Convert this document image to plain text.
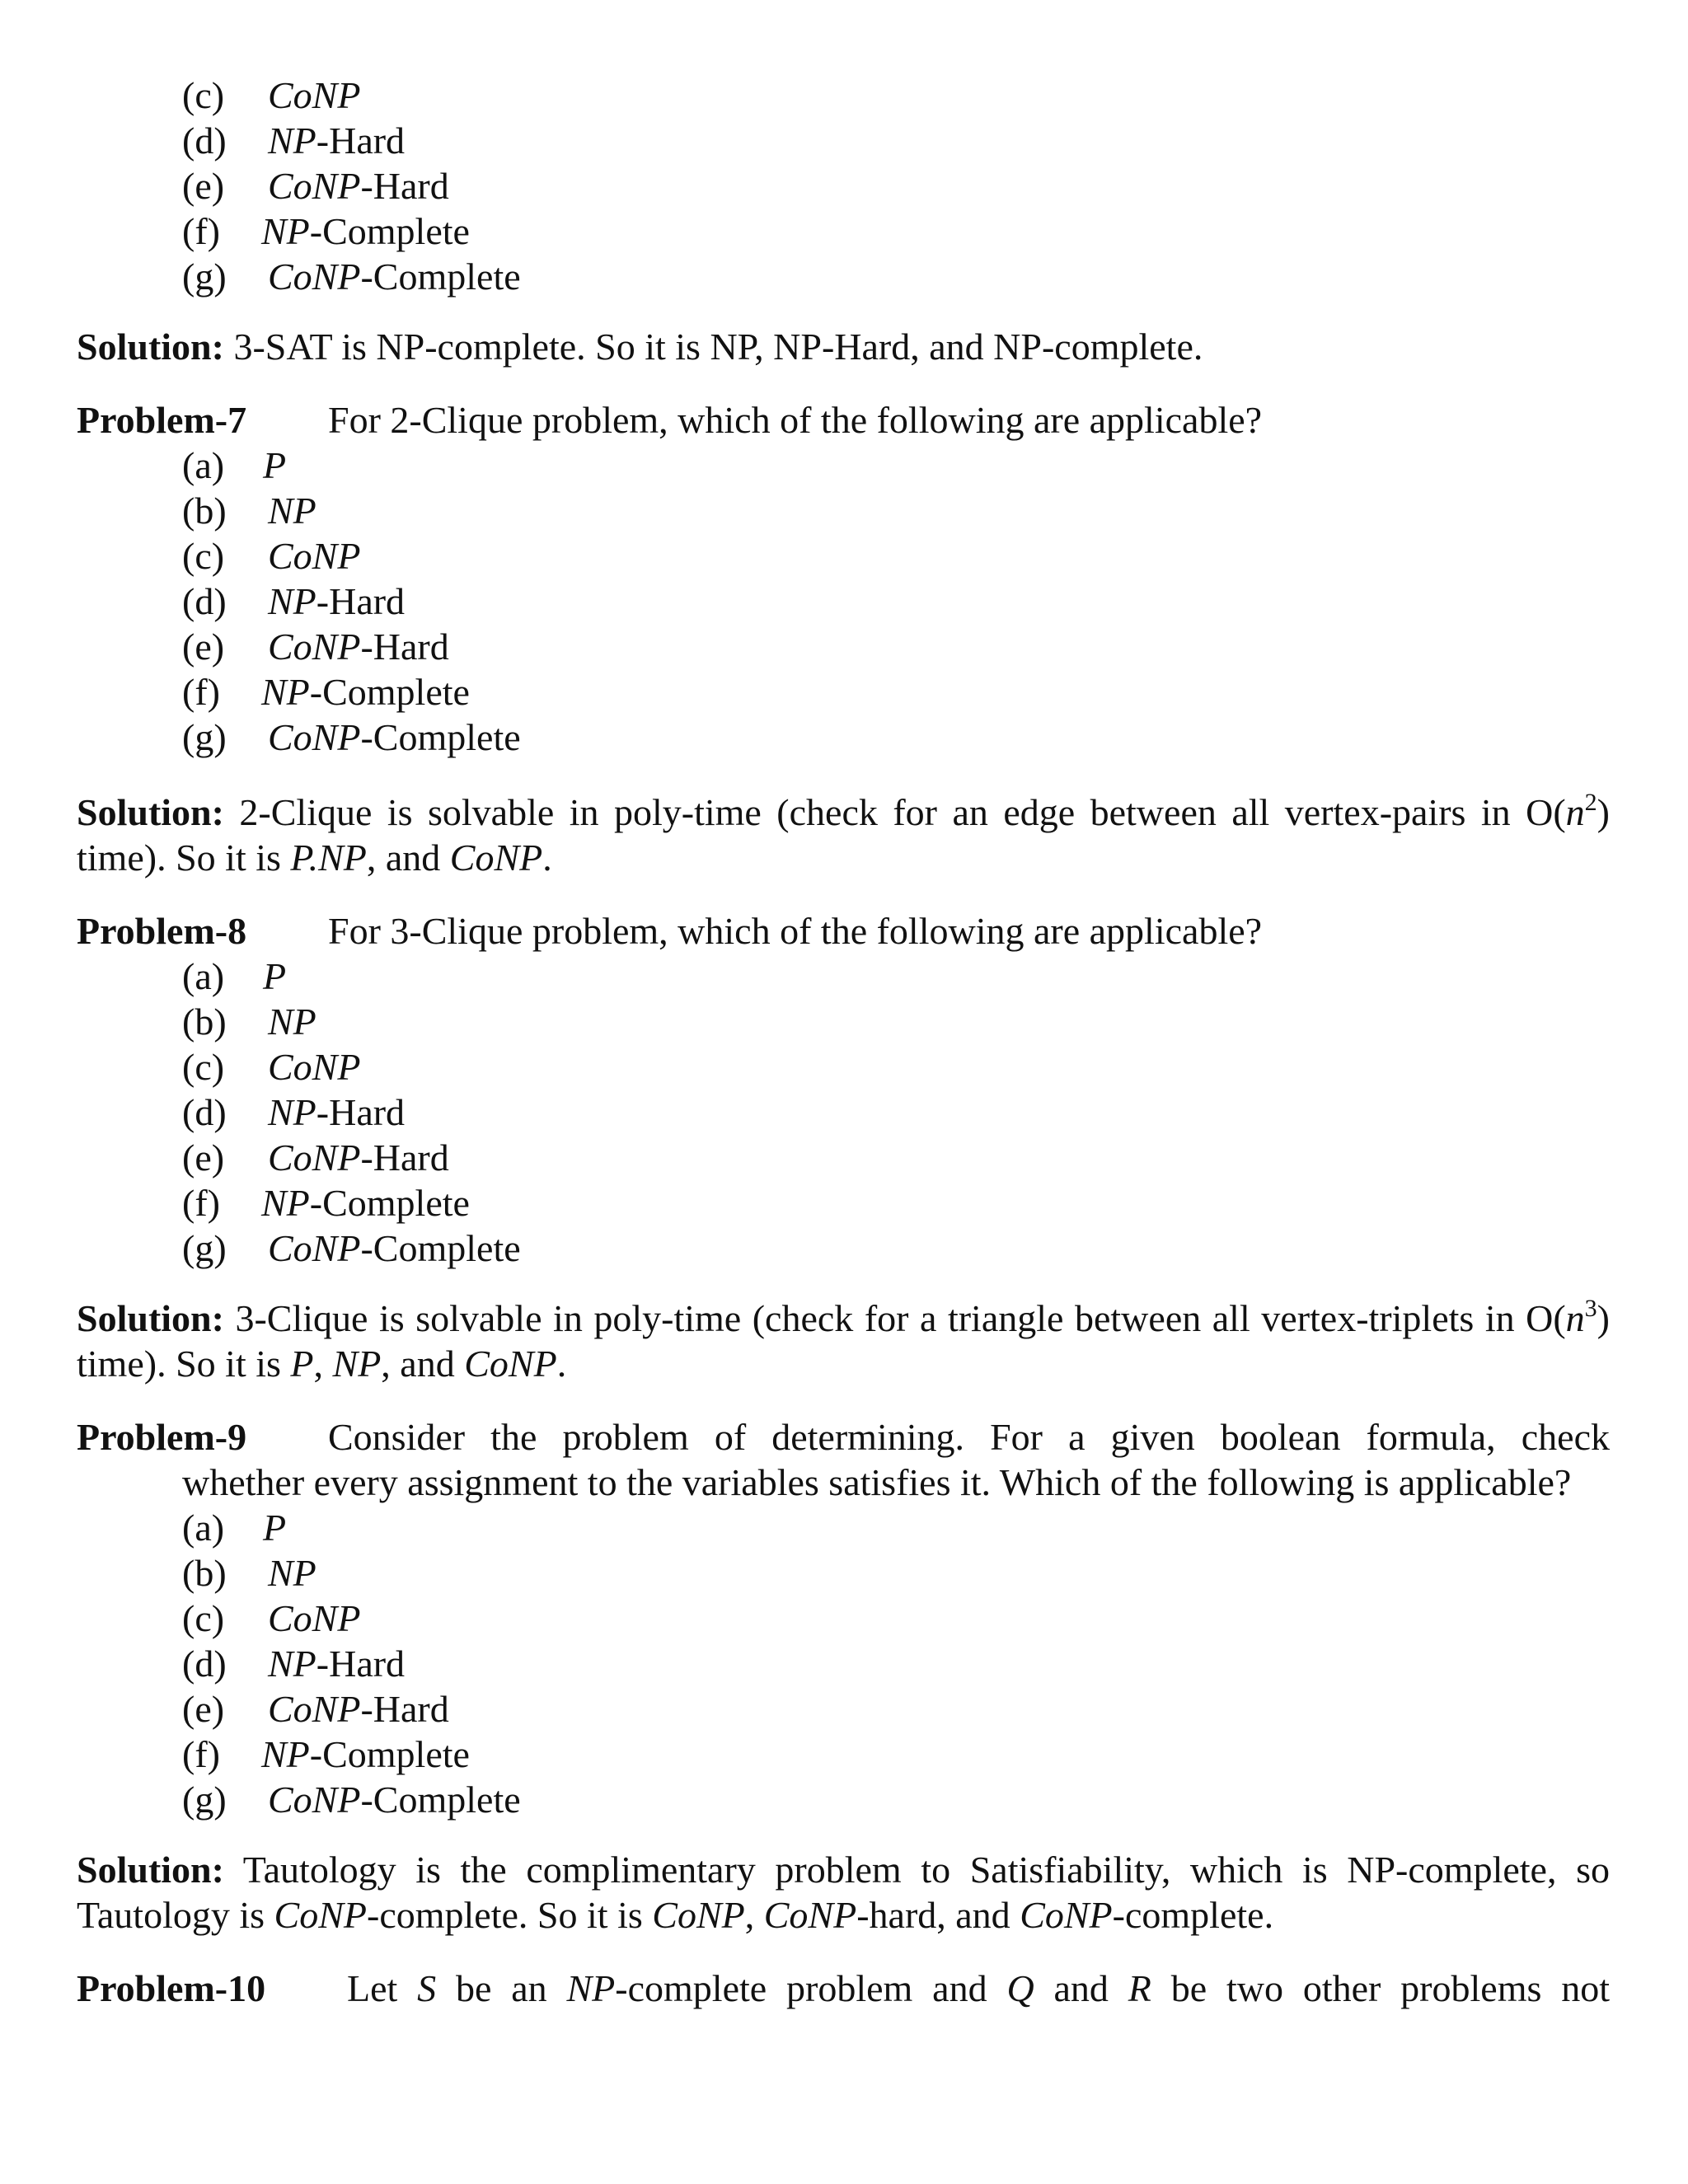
(c) CoNP
(d) NP-Hard
(e) CoNP-Hard
(f) NP-Complete
(g) CoNP-Complete

Solution: 3-SAT is NP-complete. So it is NP, NP-Hard, and NP-complete.

Problem-7 For 2-Clique problem, which of the following are applicable?
(a) P
(b) NP
(c) CoNP
(d) NP-Hard
(e) CoNP-Hard
(f) NP-Complete
(g) CoNP-Complete

Solution: 2-Clique is solvable in poly-time (check for an edge between all vertex-pairs in $O(n^2)$ time). So it is P.NP, and CoNP.

Problem-8 For 3-Clique problem, which of the following are applicable?
(a) P
(b) NP
(c) CoNP
(d) NP-Hard
(e) CoNP-Hard
(f) NP-Complete
(g) CoNP-Complete

Solution: 3-Clique is solvable in poly-time (check for a triangle between all vertex-triplets in $O(n^3)$ time). So it is P, NP, and CoNP.

Problem-9 Consider the problem of determining. For a given boolean formula, check
whether every assignment to the variables satisfies it. Which of the following is applicable?
(a) P
(b) NP
(c) CoNP
(d) NP-Hard
(e) CoNP-Hard
(f) NP-Complete
(g) CoNP-Complete

Solution: Tautology is the complimentary problem to Satisfiability, which is NP-complete, so Tautology is CoNP-complete. So it is CoNP, CoNP-hard, and CoNP-complete.

Problem-10 Let S be an NP-complete problem and Q and R be two other problems not
